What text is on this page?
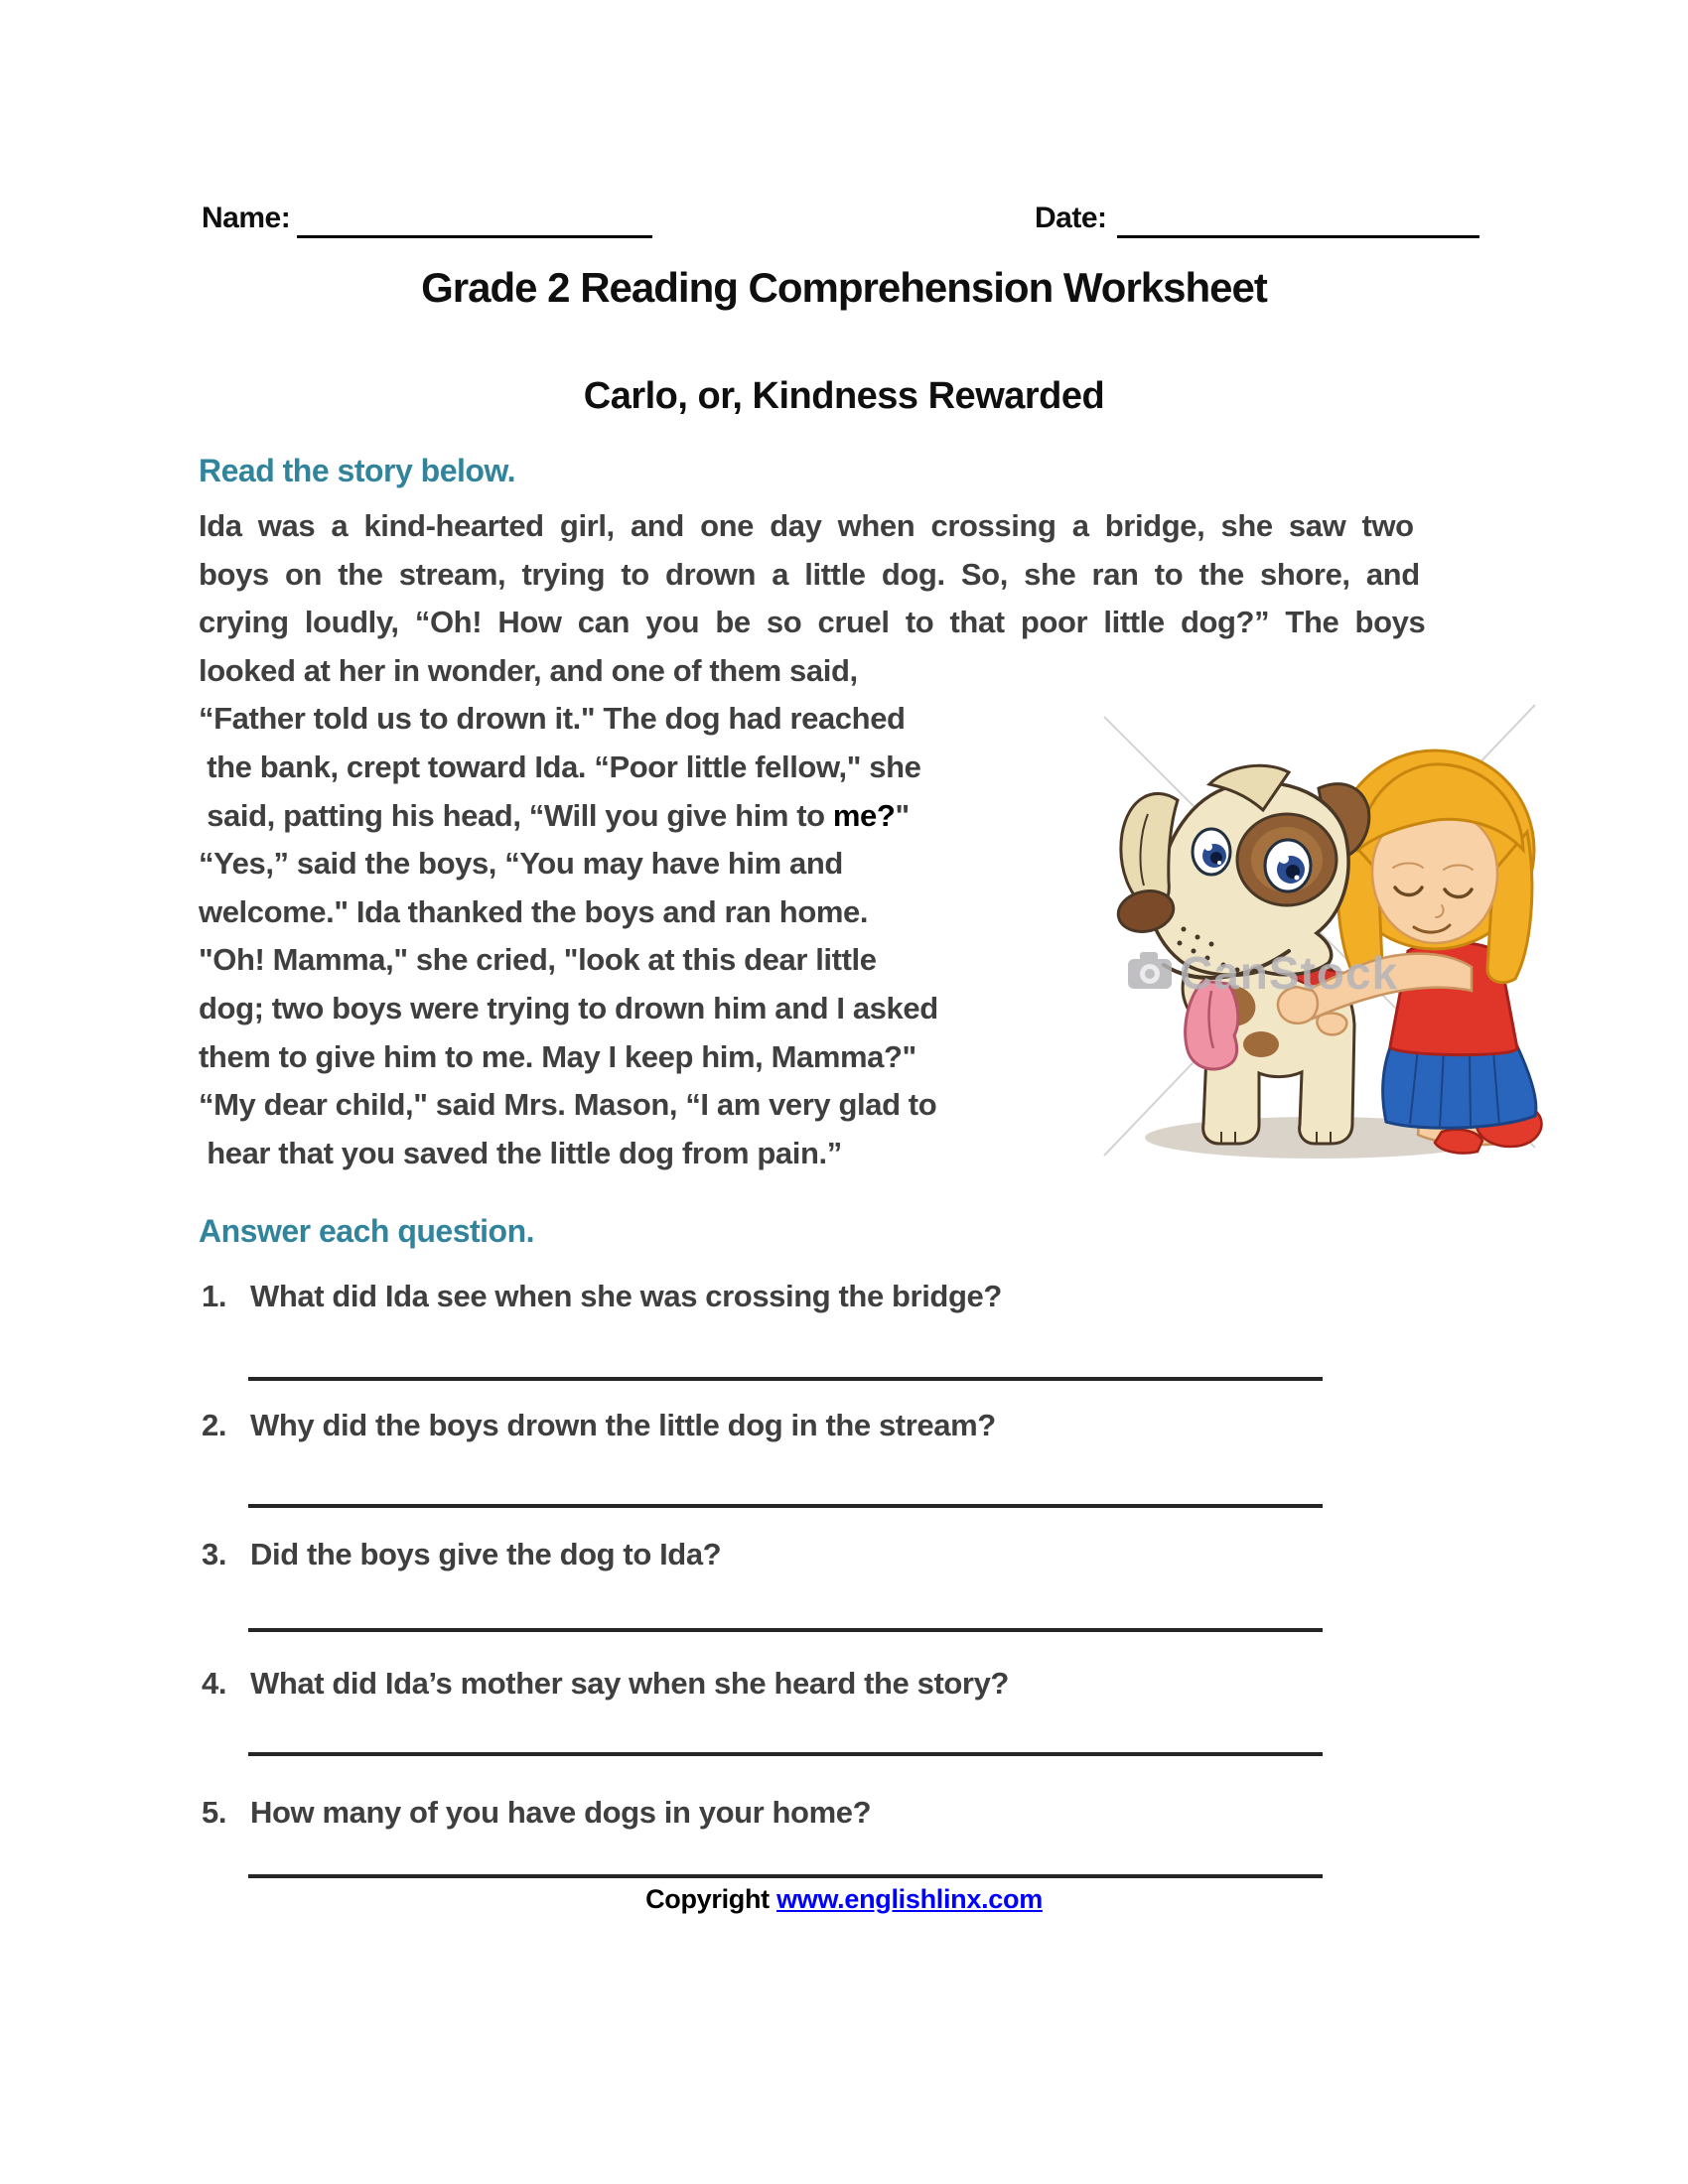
Name:	Date:
Grade 2 Reading Comprehension Worksheet
Carlo, or, Kindness Rewarded
Read the story below.
Ida was a kind-hearted girl, and one day when crossing a bridge, she saw two
boys on the stream, trying to drown a little dog. So, she ran to the shore, and
crying loudly, “Oh! How can you be so cruel to that poor little dog?” The boys
looked at her in wonder, and one of them said,
“Father told us to drown it." The dog had reached
the bank, crept toward Ida. “Poor little fellow," she
said, patting his head, “Will you give him to me?"
“Yes,” said the boys, “You may have him and
welcome." Ida thanked the boys and ran home.
"Oh! Mamma," she cried, "look at this dear little
dog; two boys were trying to drown him and I asked
them to give him to me. May I keep him, Mamma?"
“My dear child," said Mrs. Mason, “I am very glad to
hear that you saved the little dog from pain.”
CanStock
Answer each question.
1. What did Ida see when she was crossing the bridge?
2. Why did the boys drown the little dog in the stream?
3. Did the boys give the dog to Ida?
4. What did Ida’s mother say when she heard the story?
5. How many of you have dogs in your home?
Copyright www.englishlinx.com
